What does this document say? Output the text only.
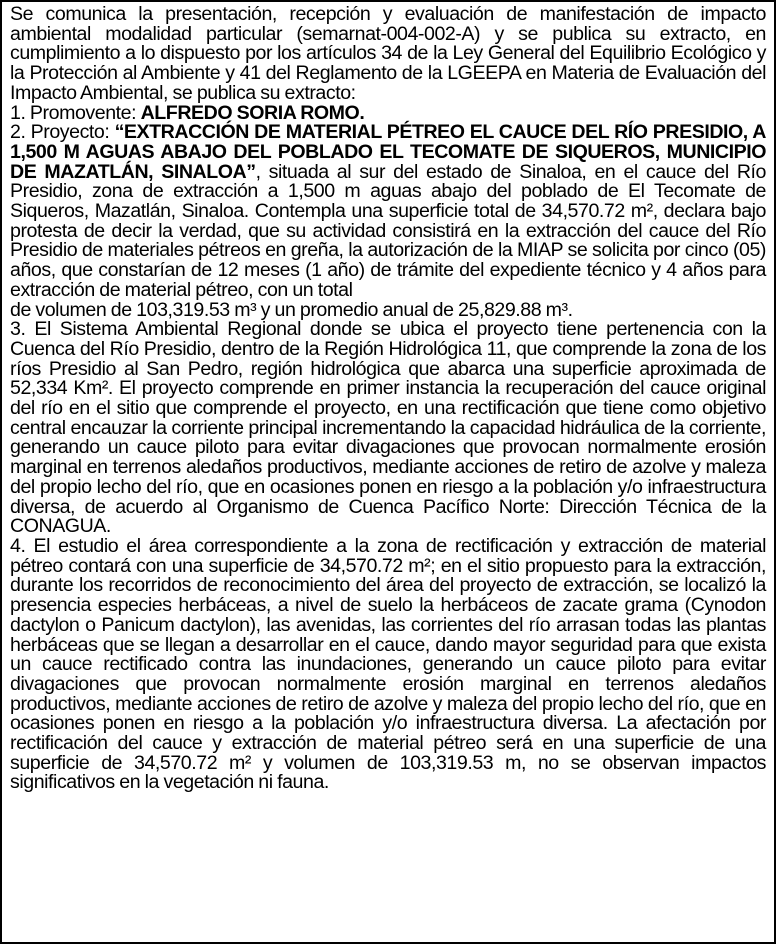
Se comunica la presentación, recepción y evaluación de manifestación de impacto ambiental modalidad particular (semarnat-004-002-A) y se publica su extracto, en cumplimiento a lo dispuesto por los artículos 34 de la Ley General del Equilibrio Ecológico y la Protección al Ambiente y 41 del Reglamento de la LGEEPA en Materia de Evaluación del Impacto Ambiental, se publica su extracto:

1. Promovente: ALFREDO SORIA ROMO.

2. Proyecto: “EXTRACCIÓN DE MATERIAL PÉTREO EL CAUCE DEL RÍO PRESIDIO, A 1,500 M AGUAS ABAJO DEL POBLADO EL TECOMATE DE SIQUEROS, MUNICIPIO DE MAZATLÁN, SINALOA”, situada al sur del estado de Sinaloa, en el cauce del Río Presidio, zona de extracción a 1,500 m aguas abajo del poblado de El Tecomate de Siqueros, Mazatlán, Sinaloa. Contempla una superficie total de 34,570.72 m², declara bajo protesta de decir la verdad, que su actividad consistirá en la extracción del cauce del Río Presidio de materiales pétreos en greña, la autorización de la MIAP se solicita por cinco (05) años, que constarían de 12 meses (1 año) de trámite del expediente técnico y 4 años para extracción de material pétreo, con un total

de volumen de 103,319.53 m³ y un promedio anual de 25,829.88 m³.

3. El Sistema Ambiental Regional donde se ubica el proyecto tiene pertenencia con la Cuenca del Río Presidio, dentro de la Región Hidrológica 11, que comprende la zona de los ríos Presidio al San Pedro, región hidrológica que abarca una superficie aproximada de 52,334 Km². El proyecto comprende en primer instancia la recuperación del cauce original del río en el sitio que comprende el proyecto, en una rectificación que tiene como objetivo central encauzar la corriente principal incrementando la capacidad hidráulica de la corriente, generando un cauce piloto para evitar divagaciones que provocan normalmente erosión marginal en terrenos aledaños productivos, mediante acciones de retiro de azolve y maleza del propio lecho del río, que en ocasiones ponen en riesgo a la población y/o infraestructura diversa, de acuerdo al Organismo de Cuenca Pacífico Norte: Dirección Técnica de la CONAGUA.

4. El estudio el área correspondiente a la zona de rectificación y extracción de material pétreo contará con una superficie de 34,570.72 m²; en el sitio propuesto para la extracción, durante los recorridos de reconocimiento del área del proyecto de extracción, se localizó la presencia especies herbáceas, a nivel de suelo la herbáceos de zacate grama (Cynodon dactylon o Panicum dactylon), las avenidas, las corrientes del río arrasan todas las plantas herbáceas que se llegan a desarrollar en el cauce, dando mayor seguridad para que exista un cauce rectificado contra las inundaciones, generando un cauce piloto para evitar divagaciones que provocan normalmente erosión marginal en terrenos aledaños productivos, mediante acciones de retiro de azolve y maleza del propio lecho del río, que en ocasiones ponen en riesgo a la población y/o infraestructura diversa. La afectación por rectificación del cauce y extracción de material pétreo será en una superficie de una superficie de 34,570.72 m² y volumen de 103,319.53 m, no se observan impactos significativos en la vegetación ni fauna.
